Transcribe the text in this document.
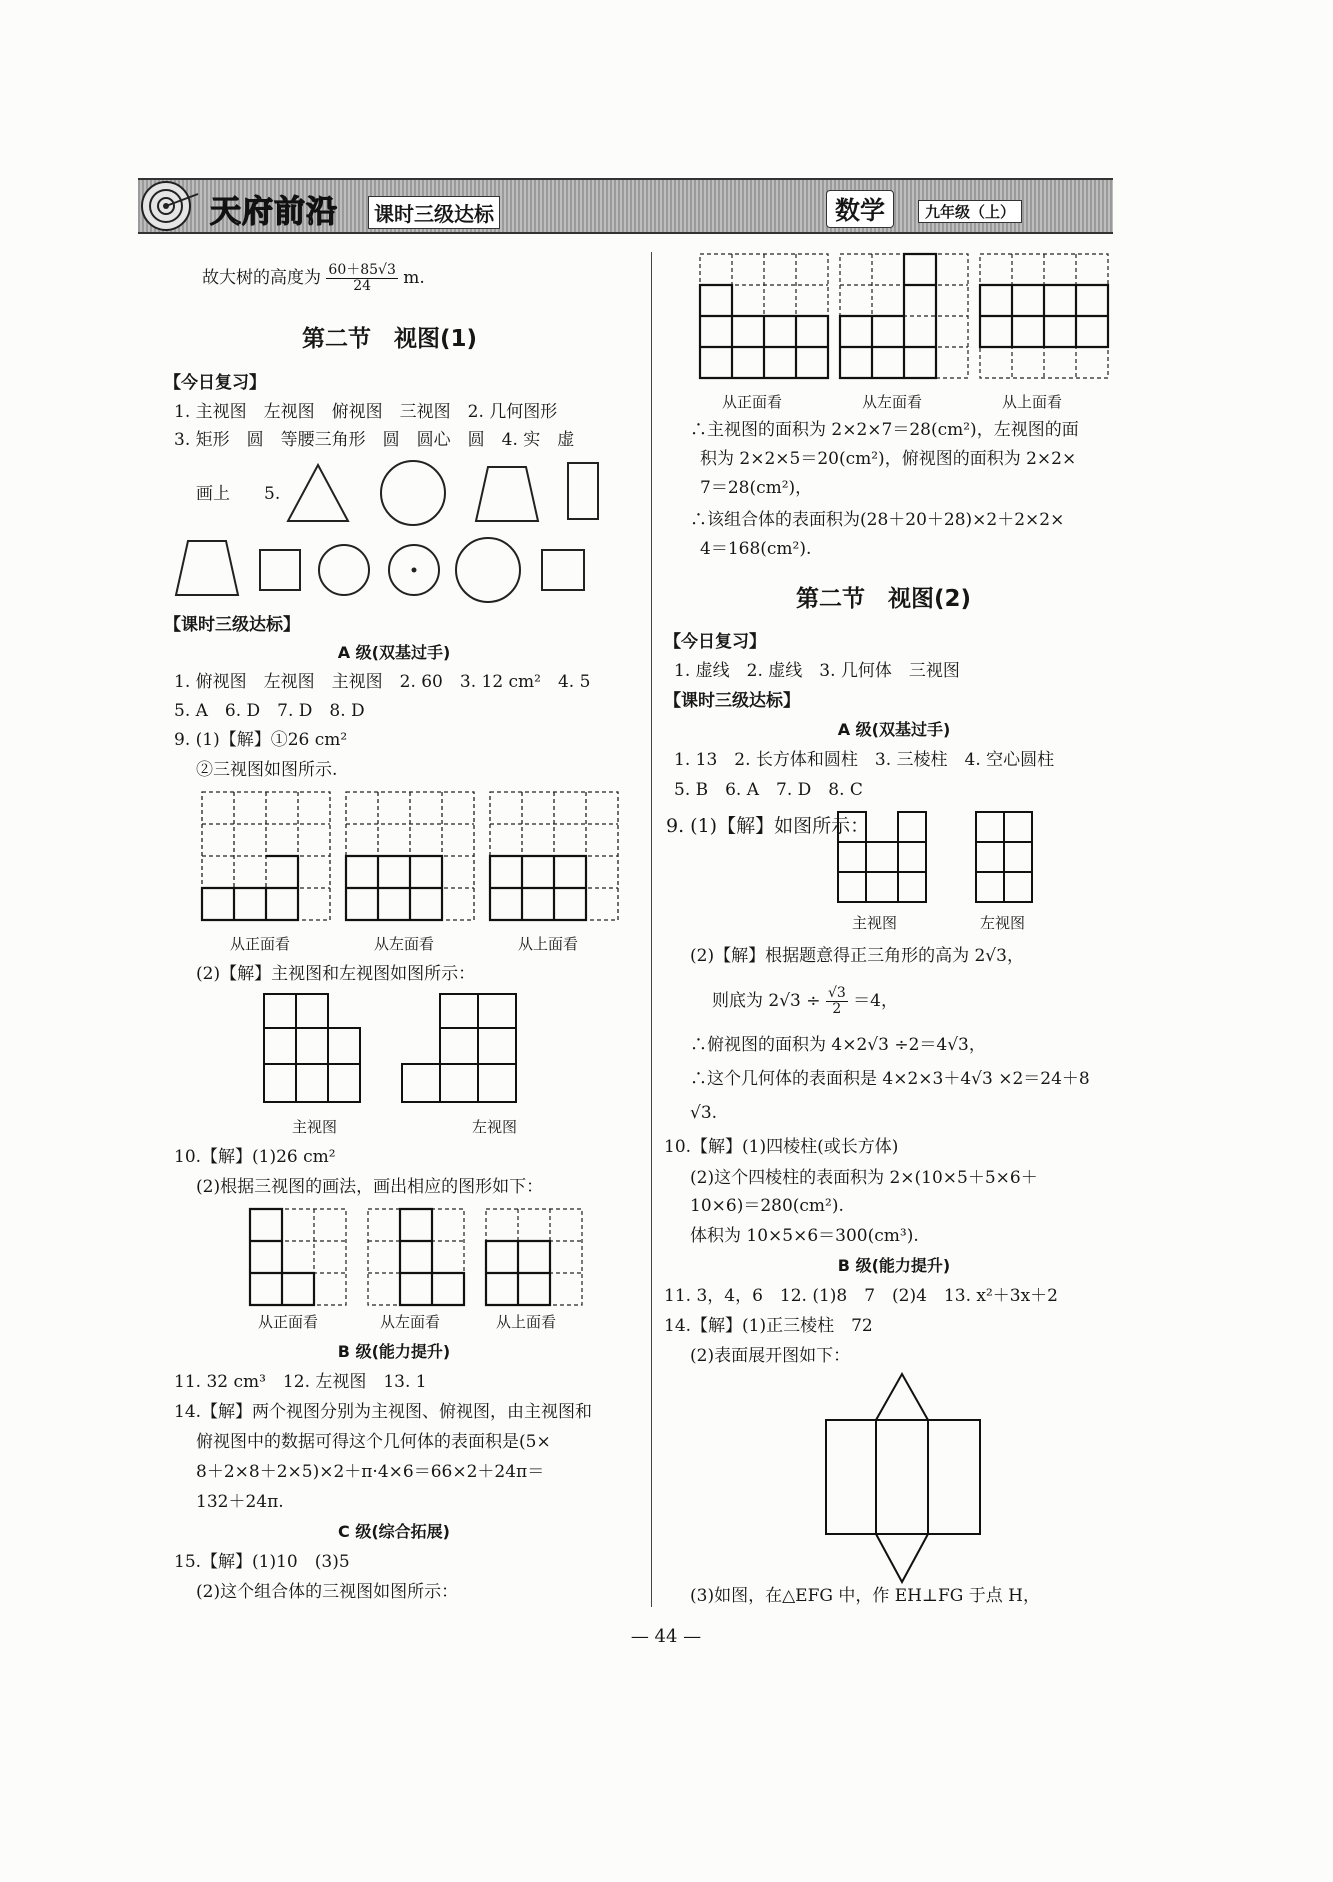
天府前沿	课时三级达标	数学	九年级（上）
故大树的高度为 $\frac{60+85√3}{24} m$.
第二节　视图(1)
【今日复习】
1. 主视图　左视图　俯视图　三视图　2. 几何图形
3. 矩形　圆　等腰三角形　圆　圆心　圆　4. 实　虚
画上 5.
【课时三级达标】
A 级(双基过手)
1. 俯视图　左视图　主视图　2. 60　3. 12 cm²　4. 5
5. A　6. D　7. D　8. D
9. (1)【解】①26 cm²
②三视图如图所示.
从正面看	从左面看	从上面看
(2)【解】主视图和左视图如图所示：
主视图	左视图
10.【解】(1)26 cm²
(2)根据三视图的画法，画出相应的图形如下：
从正面看	从左面看	从上面看
B 级(能力提升)
11. 32 cm³　12. 左视图　13. 1
14.【解】两个视图分别为主视图、俯视图，由主视图和
俯视图中的数据可得这个几何体的表面积是(5×
8＋2×8＋2×5)×2＋π·4×6＝66×2＋24π＝
132＋24π.
C 级(综合拓展)
15.【解】(1)10　(3)5
(2)这个组合体的三视图如图所示：
从正面看	从左面看	从上面看
∴主视图的面积为 2×2×7＝28(cm²)，左视图的面
积为 2×2×5＝20(cm²)，俯视图的面积为 2×2×
7＝28(cm²)，
∴该组合体的表面积为(28＋20＋28)×2＋2×2×
4＝168(cm²).
第二节　视图(2)
【今日复习】
1. 虚线　2. 虚线　3. 几何体　三视图
【课时三级达标】
A 级(双基过手)
1. 13　2. 长方体和圆柱　3. 三棱柱　4. 空心圆柱
5. B　6. A　7. D　8. C
9. (1)【解】如图所示：
主视图	左视图
(2)【解】根据题意得正三角形的高为 2√3，
则底为 $2√3 \div \frac{√3}{2} =4$，
∴俯视图的面积为 4×2√3 ÷2＝4√3，
∴这个几何体的表面积是 4×2×3＋4√3 ×2＝24＋8
√3.
10.【解】(1)四棱柱(或长方体)
(2)这个四棱柱的表面积为 2×(10×5＋5×6＋
10×6)＝280(cm²).
体积为 10×5×6＝300(cm³).
B 级(能力提升)
11. 3，4，6　12. (1)8　7　(2)4　13. x²＋3x＋2
14.【解】(1)正三棱柱　72
(2)表面展开图如下：
(3)如图，在△EFG 中，作 EH⊥FG 于点 H，
— 44 —
